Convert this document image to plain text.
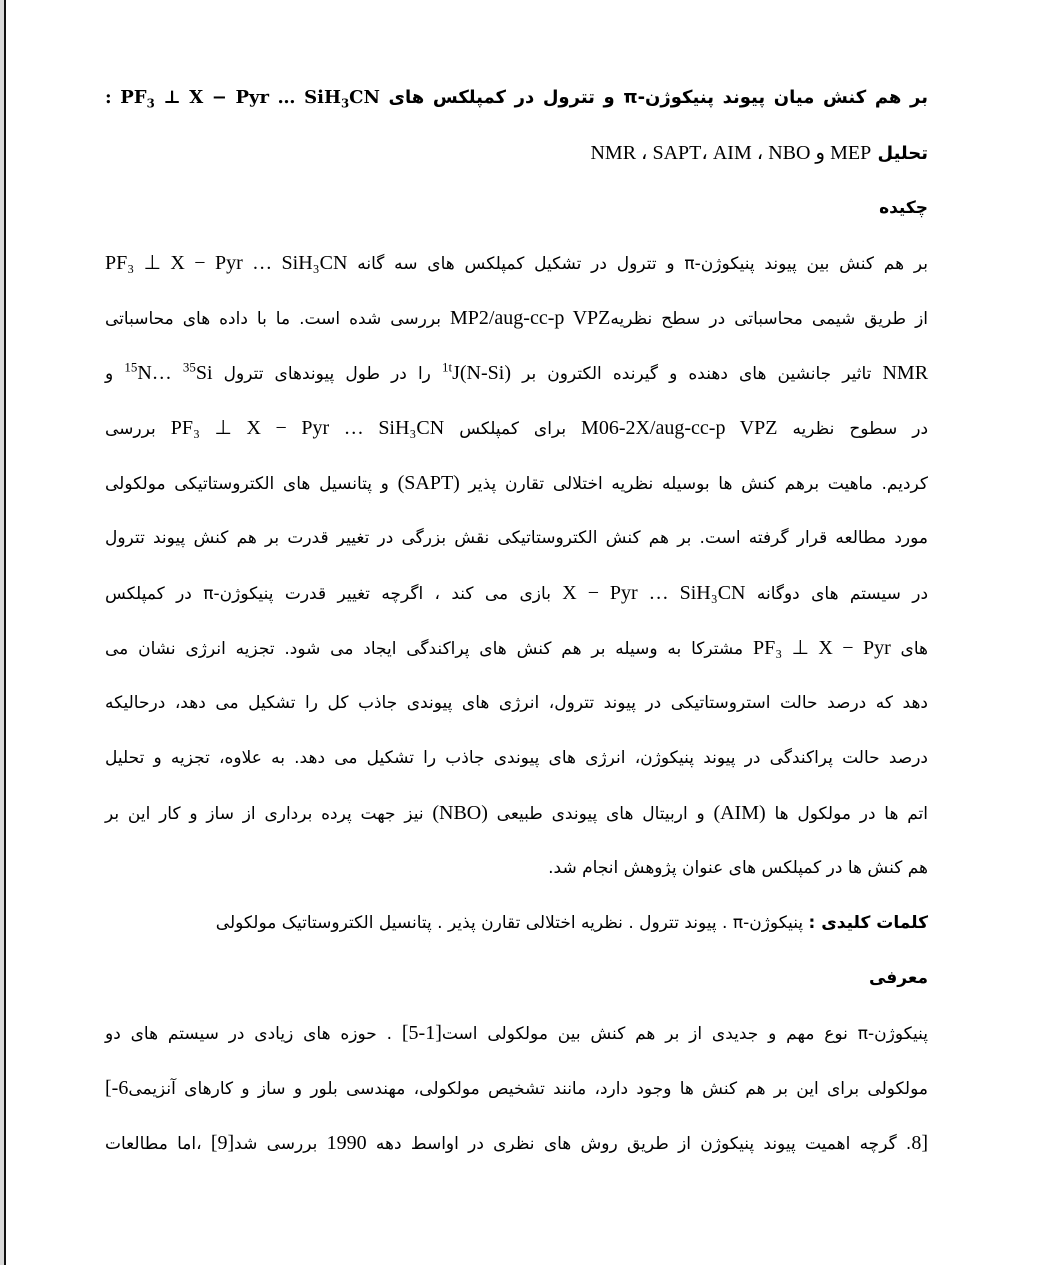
بر هم کنش میان پیوند پنیکوژن-π و تترول در کمپلکس های $PF_3$ ⊥ X − Pyr … SiH$_3$CN :
تحلیل NMR ، SAPT، AIM ، NBO و MEP
چکیده
بر هم کنش بین پیوند پنیکوژن-π و تترول در تشکیل کمپلکس های سه گانه PF₃ ⊥ X − Pyr … SiH₃CN
از طریق شیمی محاسباتی در سطح نظریهMP2/aug-cc-p VPZ بررسی شده است. ما با داده های محاسباتی
NMR تاثیر جانشین های دهنده و گیرنده الکترون بر $^{1t}$J(N-Si) را در طول پیوندهای تترول $^{35}$Si $^{15}$N… و
در سطوح نظریه M06-2X/aug-cc-p VPZ برای کمپلکس PF₃ ⊥ X − Pyr … SiH₃CN بررسی
کردیم. ماهیت برهم کنش ها بوسیله نظریه اختلالی تقارن پذیر (SAPT) و پتانسیل های الکتروستاتیکی مولکولی
مورد مطالعه قرار گرفته است. بر هم کنش الکتروستاتیکی نقش بزرگی در تغییر قدرت بر هم کنش پیوند تترول
در سیستم های دوگانه X − Pyr … SiH₃CN بازی می کند ، اگرچه تغییر قدرت پنیکوژن-π در کمپلکس
های PF₃ ⊥ X − Pyr مشترکا به وسیله بر هم کنش های پراکندگی ایجاد می شود. تجزیه انرژی نشان می
دهد که درصد حالت استروستاتیکی در پیوند تترول، انرژی های پیوندی جاذب کل را تشکیل می دهد، درحالیکه
درصد حالت پراکندگی در پیوند پنیکوژن، انرژی های پیوندی جاذب را تشکیل می دهد. به علاوه، تجزیه و تحلیل
اتم ها در مولکول ها (AIM) و اربیتال های پیوندی طبیعی (NBO) نیز جهت پرده برداری از ساز و کار این بر
هم کنش ها در کمپلکس های عنوان پژوهش انجام شد.
کلمات کلیدی : پنیکوژن-π . پیوند تترول . نظریه اختلالی تقارن پذیر . پتانسیل الکتروستاتیک مولکولی
معرفی
پنیکوژن-π نوع مهم و جدیدی از بر هم کنش بین مولکولی است[5-1] . حوزه های زیادی در سیستم های دو
مولکولی برای این بر هم کنش ها وجود دارد، مانند تشخیص مولکولی، مهندسی بلور و ساز و کارهای آنزیمی[-6
8]. گرچه اهمیت پیوند پنیکوژن از طریق روش های نظری در اواسط دهه 1990 بررسی شد[9] ،اما مطالعات
